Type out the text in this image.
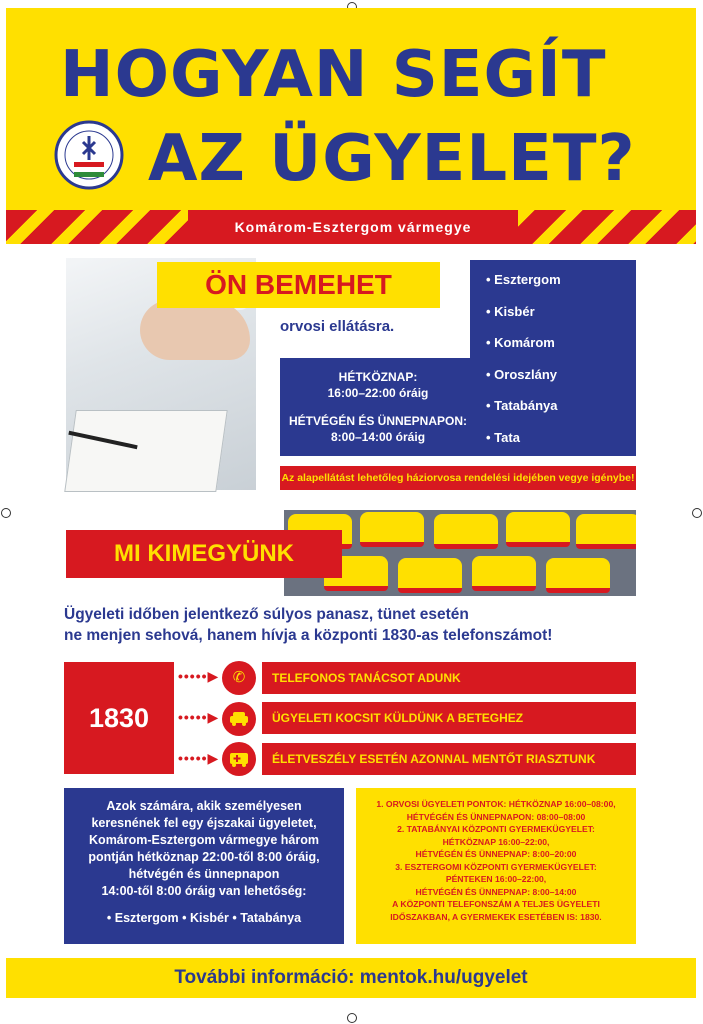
HOGYAN SEGÍT
AZ ÜGYELET?
Komárom-Esztergom vármegye
ÖN BEMEHET
orvosi ellátásra.
HÉTKÖZNAP:
16:00–22:00 óráig
HÉTVÉGÉN ÉS ÜNNEPNAPON:
8:00–14:00 óráig
• Esztergom
• Kisbér
• Komárom
• Oroszlány
• Tatabánya
• Tata
Az alapellátást lehetőleg háziorvosa rendelési idejében vegye igénybe!
MI KIMEGYÜNK
Ügyeleti időben jelentkező súlyos panasz, tünet esetén
ne menjen sehová, hanem hívja a központi 1830-as telefonszámot!
1830
•••••▶ ✆	TELEFONOS TANÁCSOT ADUNK
•••••▶	ÜGYELETI KOCSIT KÜLDÜNK A BETEGHEZ
•••••▶	ÉLETVESZÉLY ESETÉN AZONNAL MENTŐT RIASZTUNK
Azok számára, akik személyesen
keresnének fel egy éjszakai ügyeletet,
Komárom-Esztergom vármegye három
pontján hétköznap 22:00-től 8:00 óráig,
hétvégén és ünnepnapon
14:00-től 8:00 óráig van lehetőség:
• Esztergom • Kisbér • Tatabánya
1. ORVOSI ÜGYELETI PONTOK: HÉTKÖZNAP 16:00–08:00,
HÉTVÉGÉN ÉS ÜNNEPNAPON: 08:00–08:00
2. TATABÁNYAI KÖZPONTI GYERMEKÜGYELET:
HÉTKÖZNAP 16:00–22:00,
HÉTVÉGÉN ÉS ÜNNEPNAP: 8:00–20:00
3. ESZTERGOMI KÖZPONTI GYERMEKÜGYELET:
PÉNTEKEN 16:00–22:00,
HÉTVÉGÉN ÉS ÜNNEPNAP: 8:00–14:00
A KÖZPONTI TELEFONSZÁM A TELJES ÜGYELETI
IDŐSZAKBAN, A GYERMEKEK ESETÉBEN IS: 1830.
További információ: mentok.hu/ugyelet
